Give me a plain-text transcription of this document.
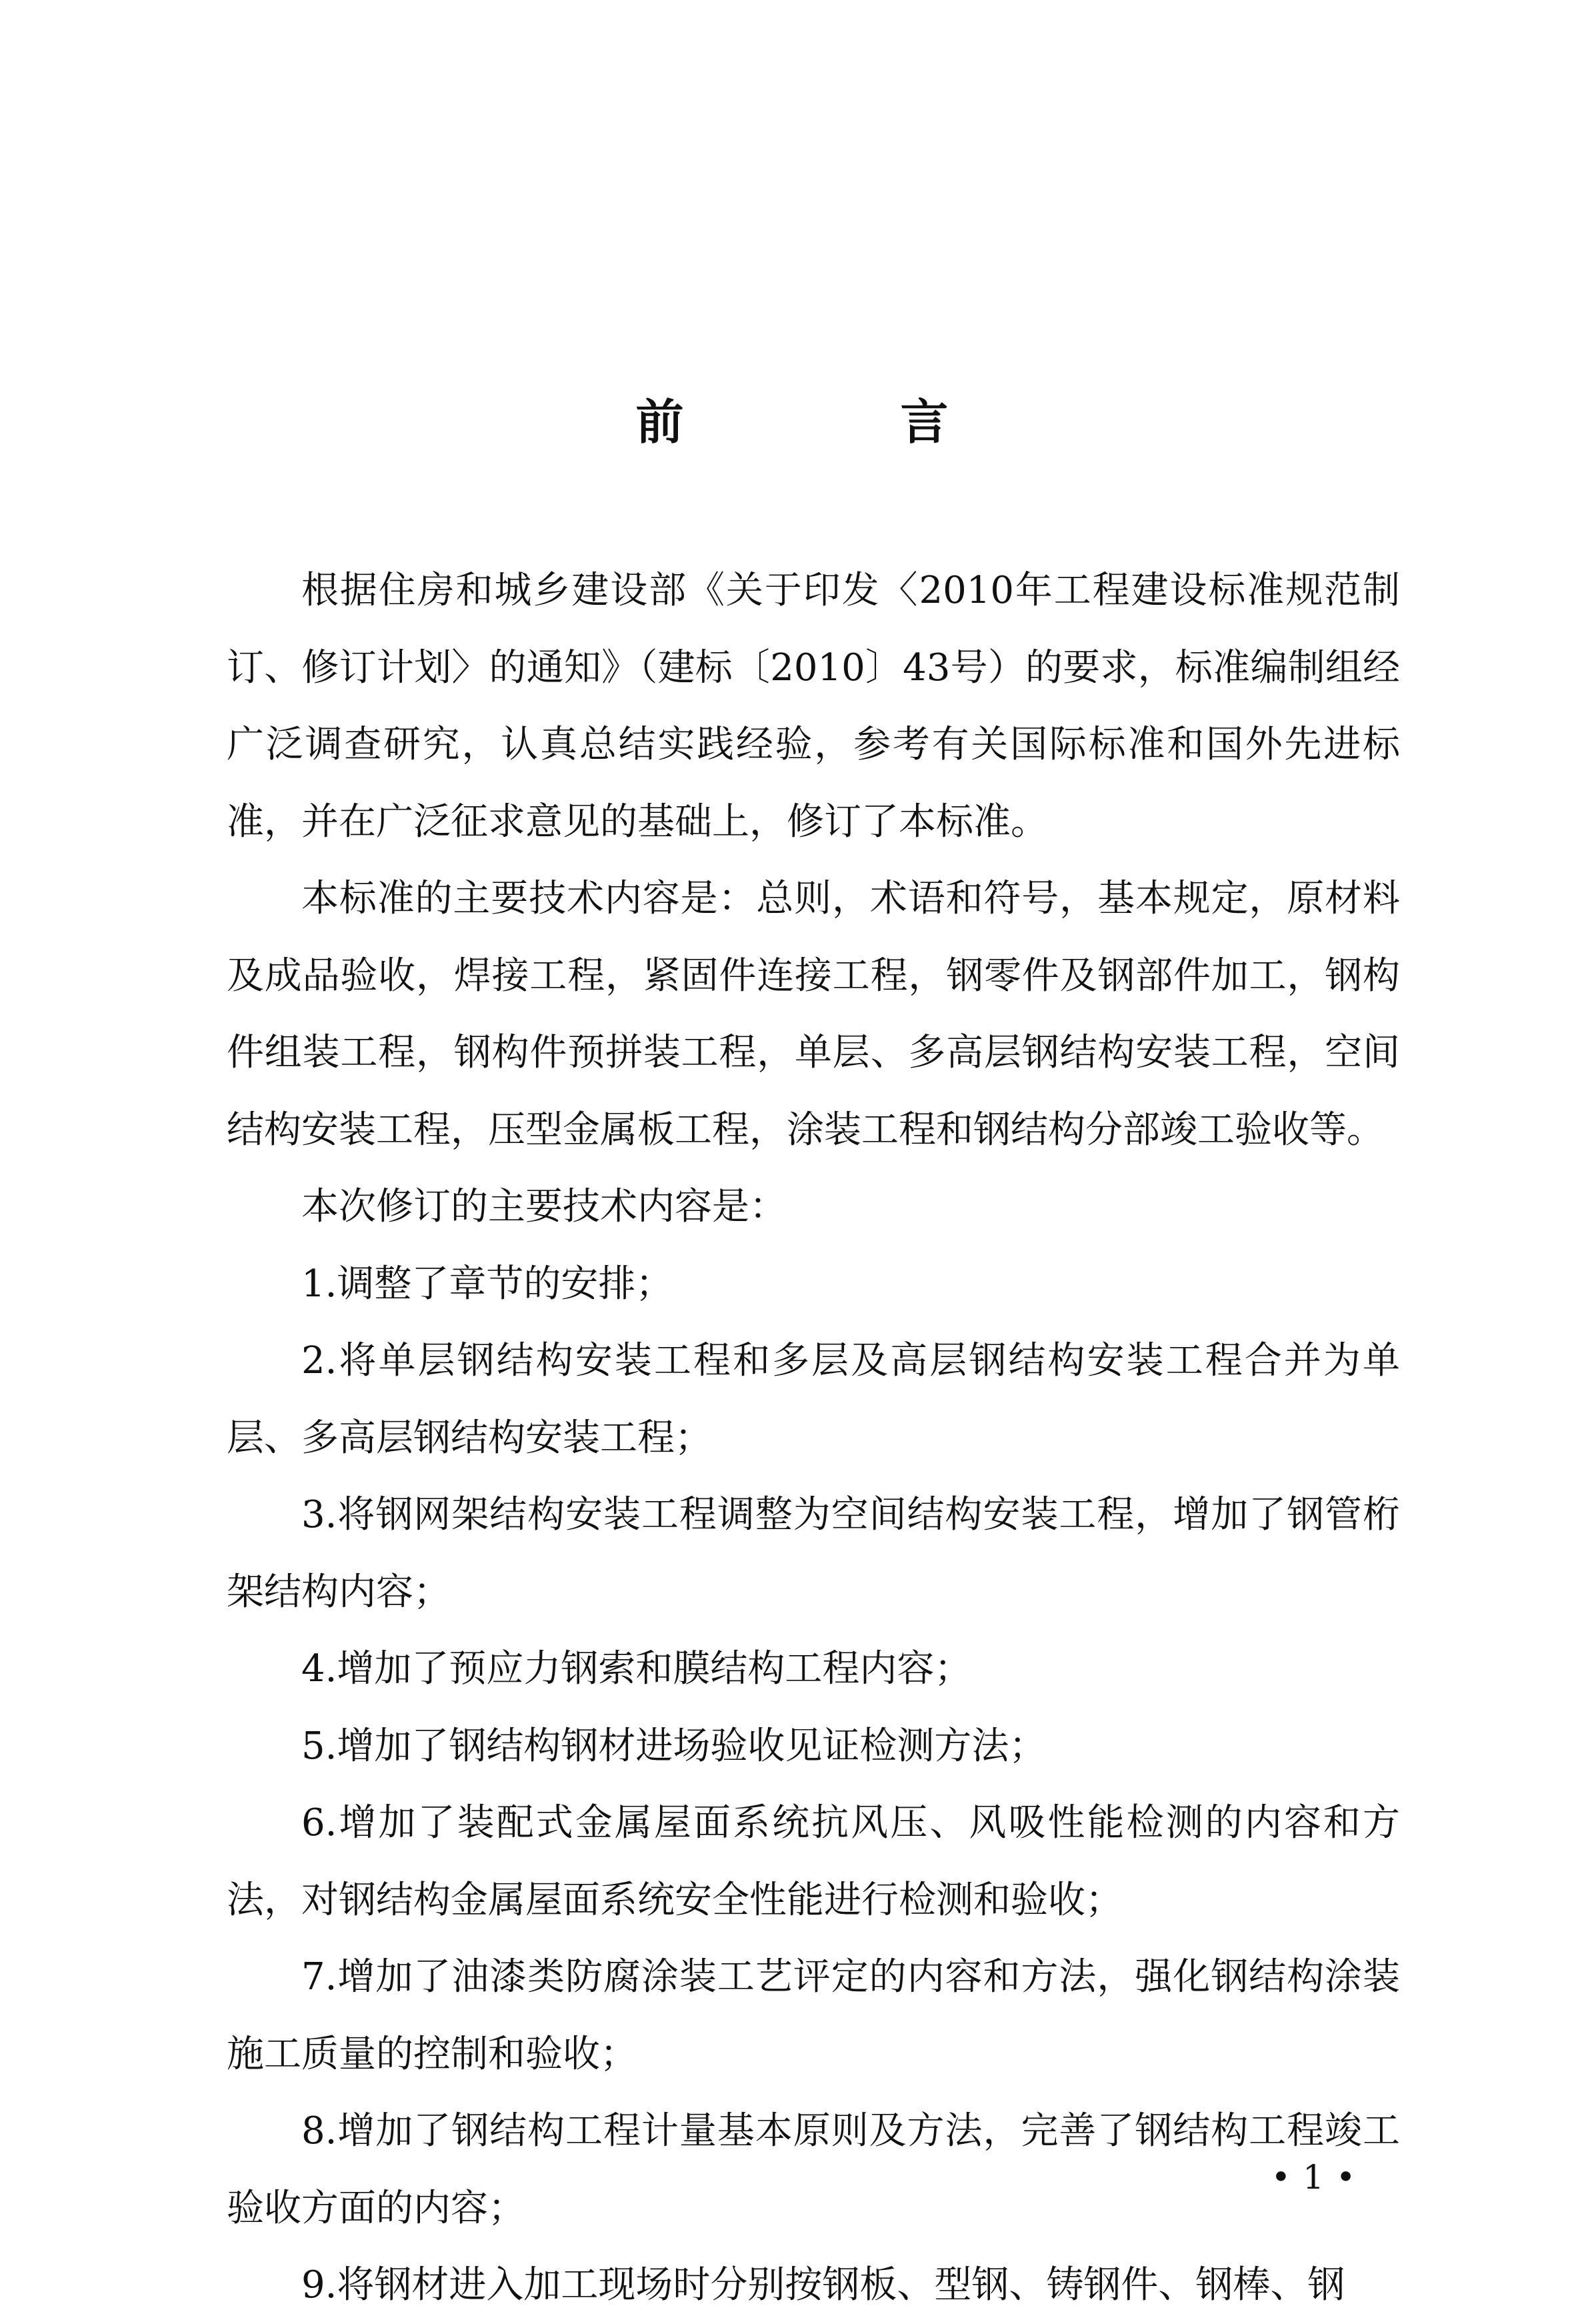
前 言

根据住房和城乡建设部《关于印发〈2010年工程建设标准规范制订、修订计划〉的通知》（建标〔2010〕43号）的要求，标准编制组经广泛调查研究，认真总结实践经验，参考有关国际标准和国外先进标准，并在广泛征求意见的基础上，修订了本标准。

本标准的主要技术内容是：总则，术语和符号，基本规定，原材料及成品验收，焊接工程，紧固件连接工程，钢零件及钢部件加工，钢构件组装工程，钢构件预拼装工程，单层、多高层钢结构安装工程，空间结构安装工程，压型金属板工程，涂装工程和钢结构分部竣工验收等。

本次修订的主要技术内容是：

1.调整了章节的安排；

2.将单层钢结构安装工程和多层及高层钢结构安装工程合并为单层、多高层钢结构安装工程；

3.将钢网架结构安装工程调整为空间结构安装工程，增加了钢管桁架结构内容；

4.增加了预应力钢索和膜结构工程内容；

5.增加了钢结构钢材进场验收见证检测方法；

6.增加了装配式金属屋面系统抗风压、风吸性能检测的内容和方法，对钢结构金属屋面系统安全性能进行检测和验收；

7.增加了油漆类防腐涂装工艺评定的内容和方法，强化钢结构涂装施工质量的控制和验收；

8.增加了钢结构工程计量基本原则及方法，完善了钢结构工程竣工验收方面的内容；

9.将钢材进入加工现场时分别按钢板、型钢、铸钢件、钢棒、钢

• 1 •
